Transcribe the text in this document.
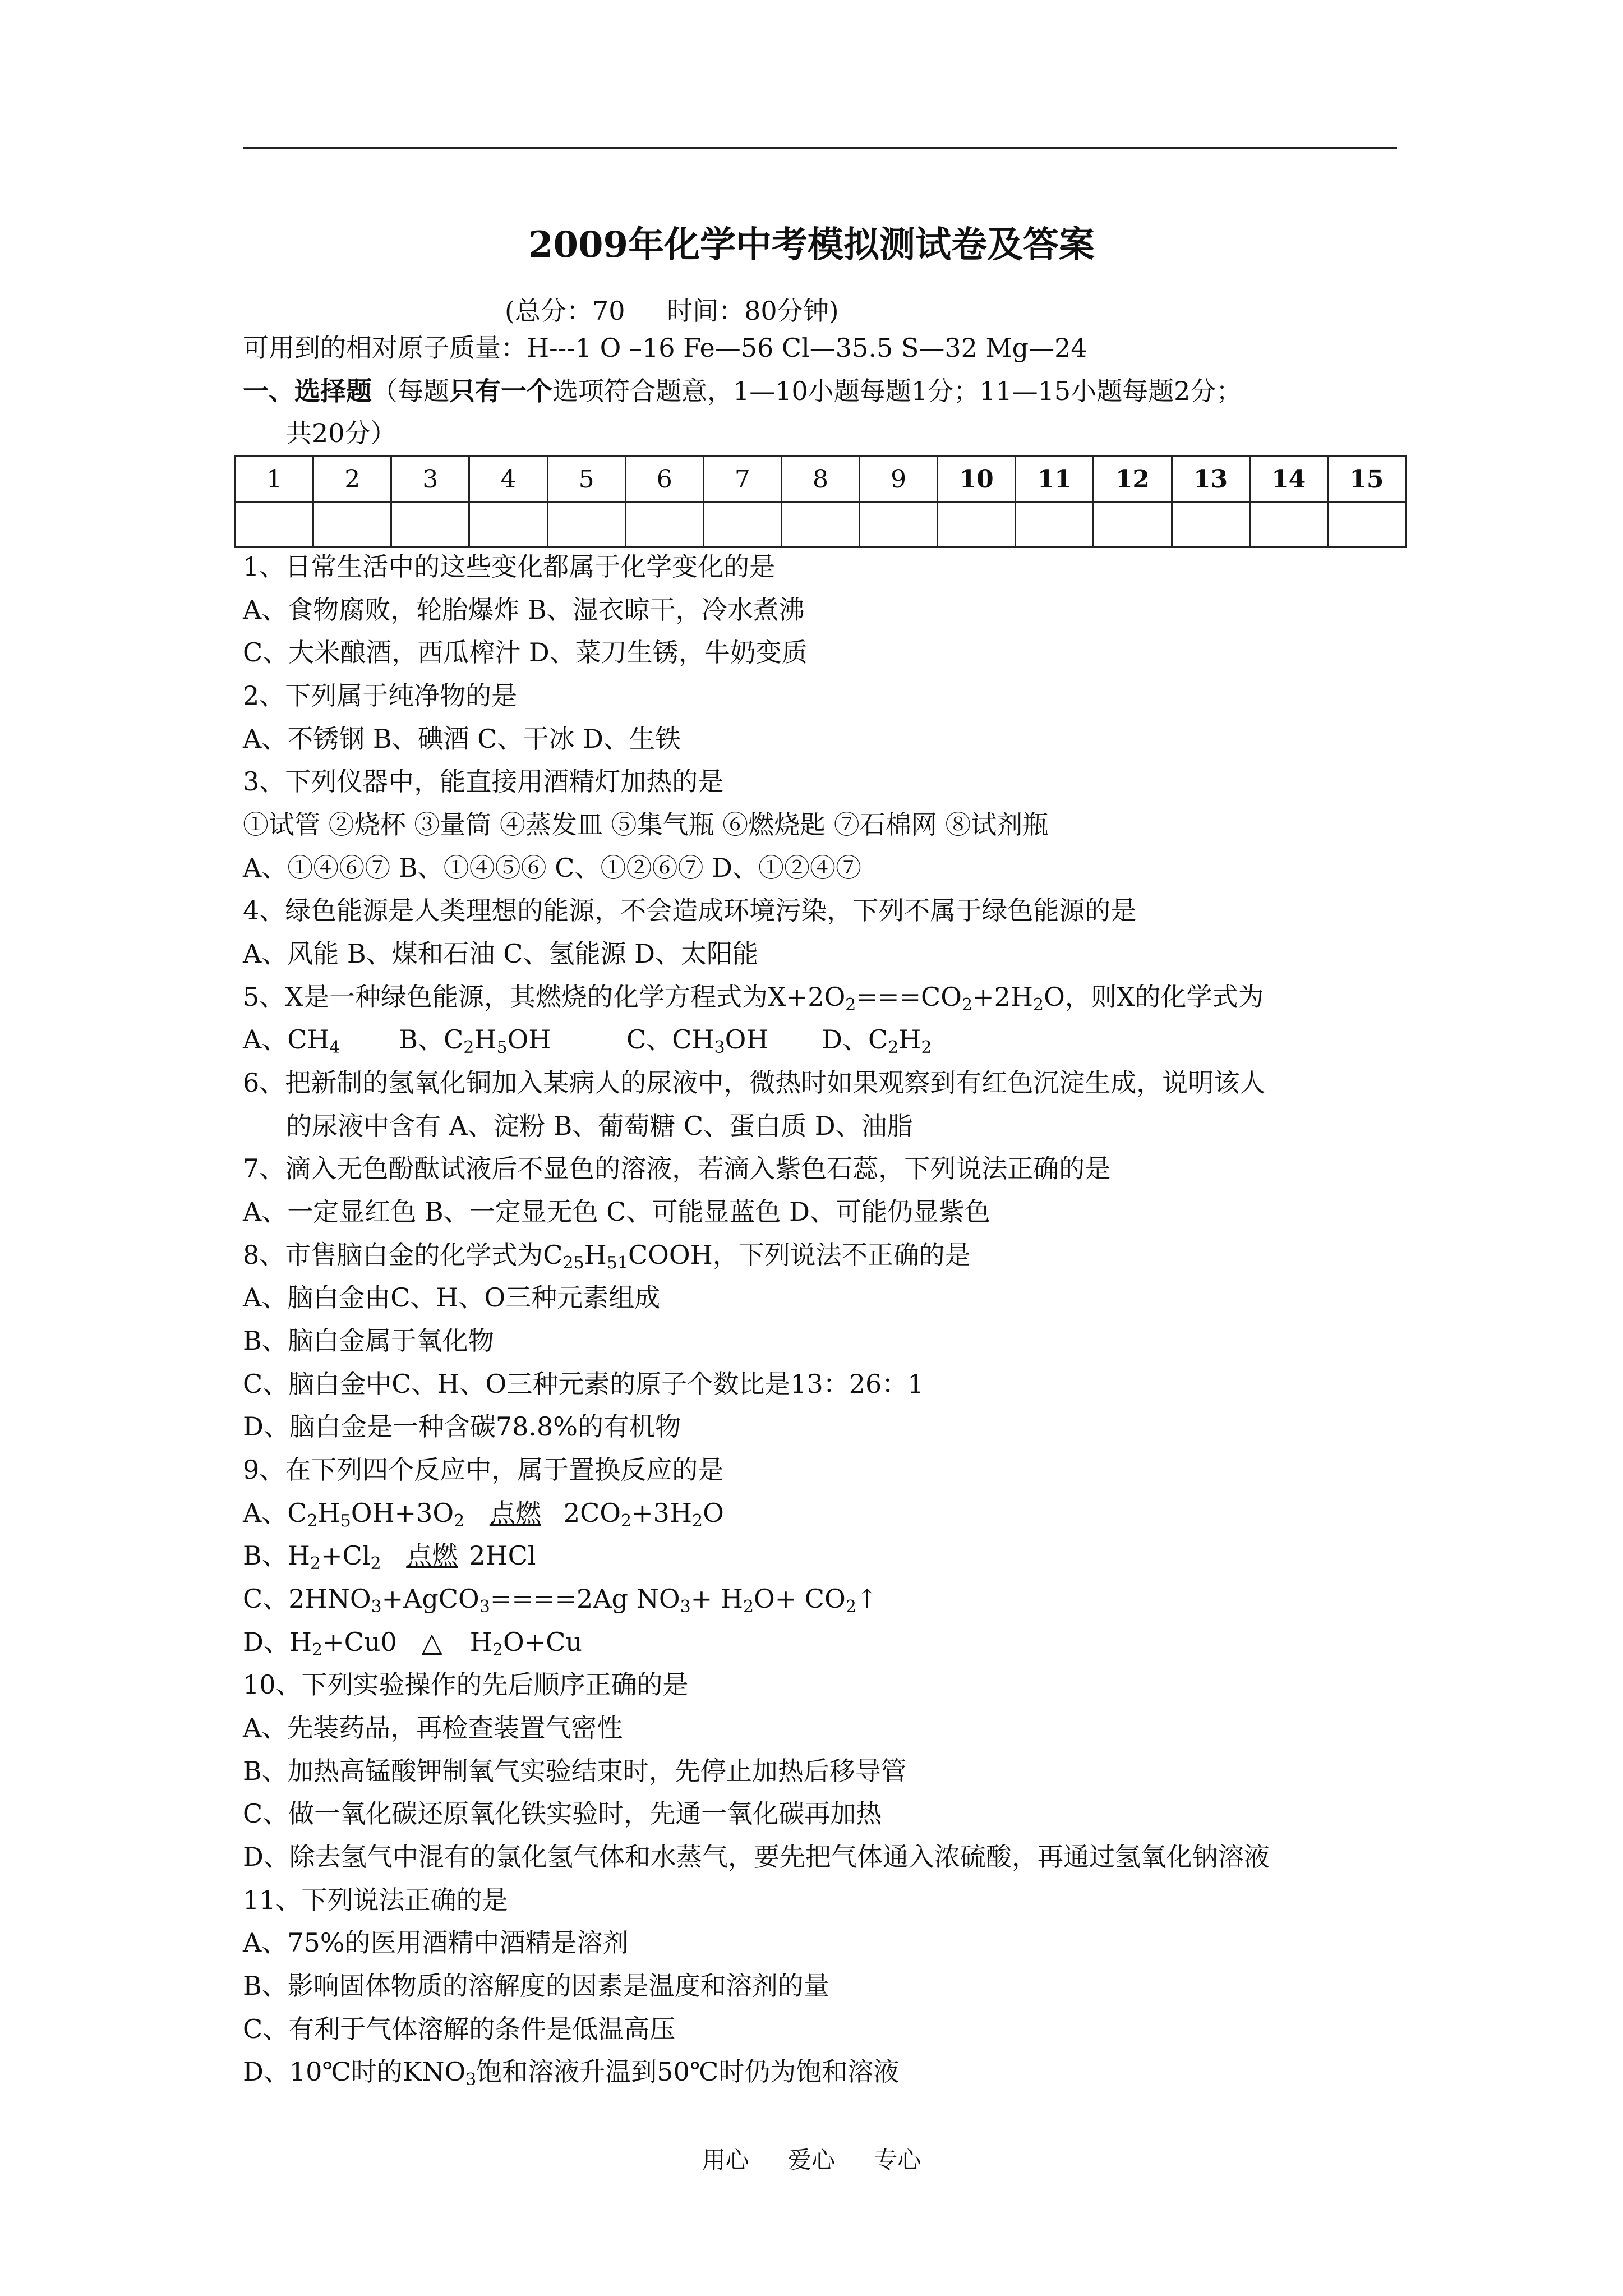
2009年化学中考模拟测试卷及答案
(总分：70 时间：80分钟)
可用到的相对原子质量：H---1 O –16 Fe—56 Cl—35.5 S—32 Mg—24
一、选择题（每题只有一个选项符合题意，1—10小题每题1分；11—15小题每题2分；
共20分）
1	2	3	4	5	6	7	8	9	10	11	12	13	14	15

1、日常生活中的这些变化都属于化学变化的是
A、食物腐败，轮胎爆炸 B、湿衣晾干，冷水煮沸
C、大米酿酒，西瓜榨汁 D、菜刀生锈，牛奶变质
2、下列属于纯净物的是
A、不锈钢 B、碘酒 C、干冰 D、生铁
3、下列仪器中，能直接用酒精灯加热的是
①试管 ②烧杯 ③量筒 ④蒸发皿 ⑤集气瓶 ⑥燃烧匙 ⑦石棉网 ⑧试剂瓶
A、①④⑥⑦ B、①④⑤⑥ C、①②⑥⑦ D、①②④⑦
4、绿色能源是人类理想的能源，不会造成环境污染，下列不属于绿色能源的是
A、风能 B、煤和石油 C、氢能源 D、太阳能
5、X是一种绿色能源，其燃烧的化学方程式为$X+2O_2===CO_2+2H_2O$，则X的化学式为
A、$CH_4$ B、$C_2H_5OH$	C、$CH_3OH$ D、$C_2H_2$
6、把新制的氢氧化铜加入某病人的尿液中，微热时如果观察到有红色沉淀生成，说明该人
的尿液中含有 A、淀粉 B、葡萄糖 C、蛋白质 D、油脂
7、滴入无色酚酞试液后不显色的溶液，若滴入紫色石蕊，下列说法正确的是
A、一定显红色 B、一定显无色 C、可能显蓝色 D、可能仍显紫色
8、市售脑白金的化学式为$C_{25}H_{51}COOH$，下列说法不正确的是
A、脑白金由C、H、O三种元素组成
B、脑白金属于氧化物
C、脑白金中C、H、O三种元素的原子个数比是13：26：1
D、脑白金是一种含碳78.8%的有机物
9、在下列四个反应中，属于置换反应的是
A、$C_2H_5OH+3O_2$ 点燃 $2CO_2+3H_2O$
B、$H_2+Cl_2$ 点燃 2HCl
C、$2HNO_3+AgCO_3====2Ag$ $NO_3+ H_2O+$ $CO_2↑$
D、$H_2+Cu0$ △ $H_2O+Cu$
10、下列实验操作的先后顺序正确的是
A、先装药品，再检查装置气密性
B、加热高锰酸钾制氧气实验结束时，先停止加热后移导管
C、做一氧化碳还原氧化铁实验时，先通一氧化碳再加热
D、除去氢气中混有的氯化氢气体和水蒸气，要先把气体通入浓硫酸，再通过氢氧化钠溶液
11、下列说法正确的是
A、75%的医用酒精中酒精是溶剂
B、影响固体物质的溶解度的因素是温度和溶剂的量
C、有利于气体溶解的条件是低温高压
D、10℃时的$KNO_3$饱和溶液升温到50℃时仍为饱和溶液
用心 爱心 专心
